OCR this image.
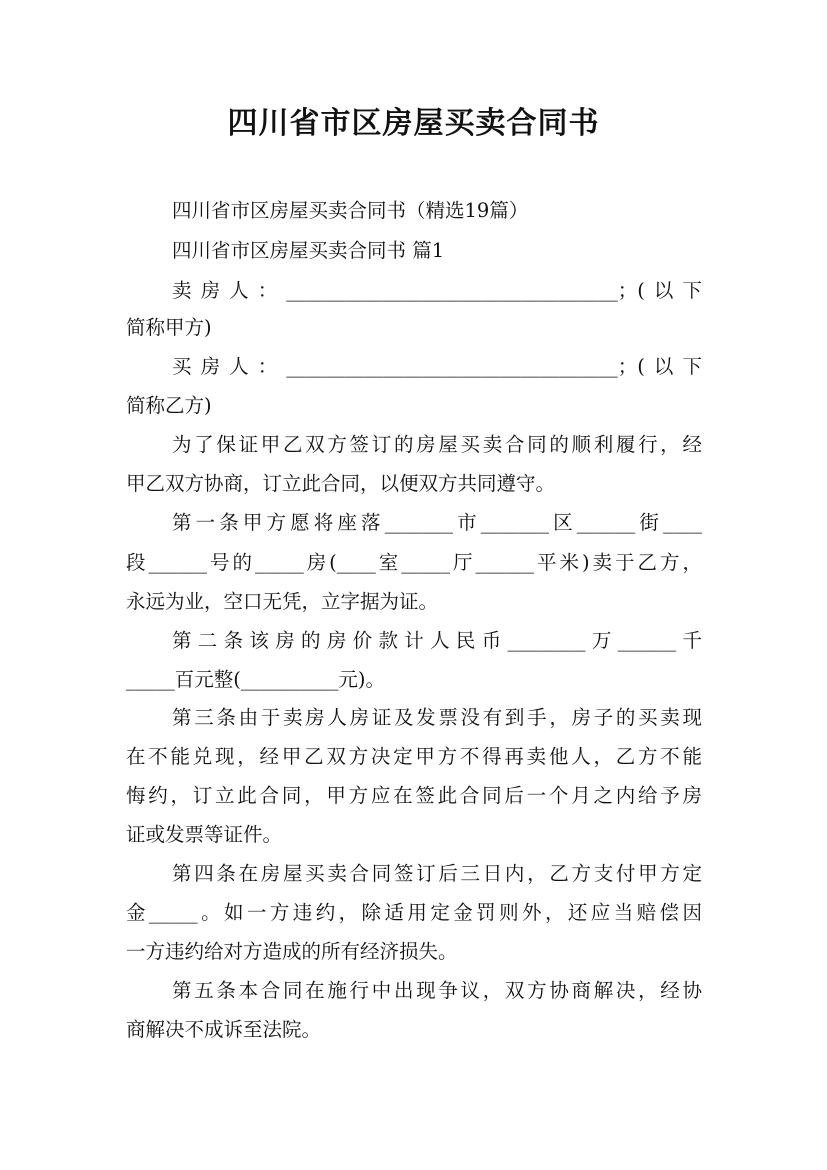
四川省市区房屋买卖合同书
四川省市区房屋买卖合同书（精选19篇）
四川省市区房屋买卖合同书 篇1
卖房人：__________________________________；(以下
简称甲方)
买房人：__________________________________；(以下
简称乙方)
为了保证甲乙双方签订的房屋买卖合同的顺利履行，经
甲乙双方协商，订立此合同，以便双方共同遵守。
第一条甲方愿将座落_______市_______区______街____
段______号的_____房(____室_____厅______平米)卖于乙方，
永远为业，空口无凭，立字据为证。
第二条该房的房价款计人民币________万______千
_____百元整(__________元)。
第三条由于卖房人房证及发票没有到手，房子的买卖现
在不能兑现，经甲乙双方决定甲方不得再卖他人，乙方不能
悔约，订立此合同，甲方应在签此合同后一个月之内给予房
证或发票等证件。
第四条在房屋买卖合同签订后三日内，乙方支付甲方定
金_____。如一方违约，除适用定金罚则外，还应当赔偿因
一方违约给对方造成的所有经济损失。
第五条本合同在施行中出现争议，双方协商解决，经协
商解决不成诉至法院。
